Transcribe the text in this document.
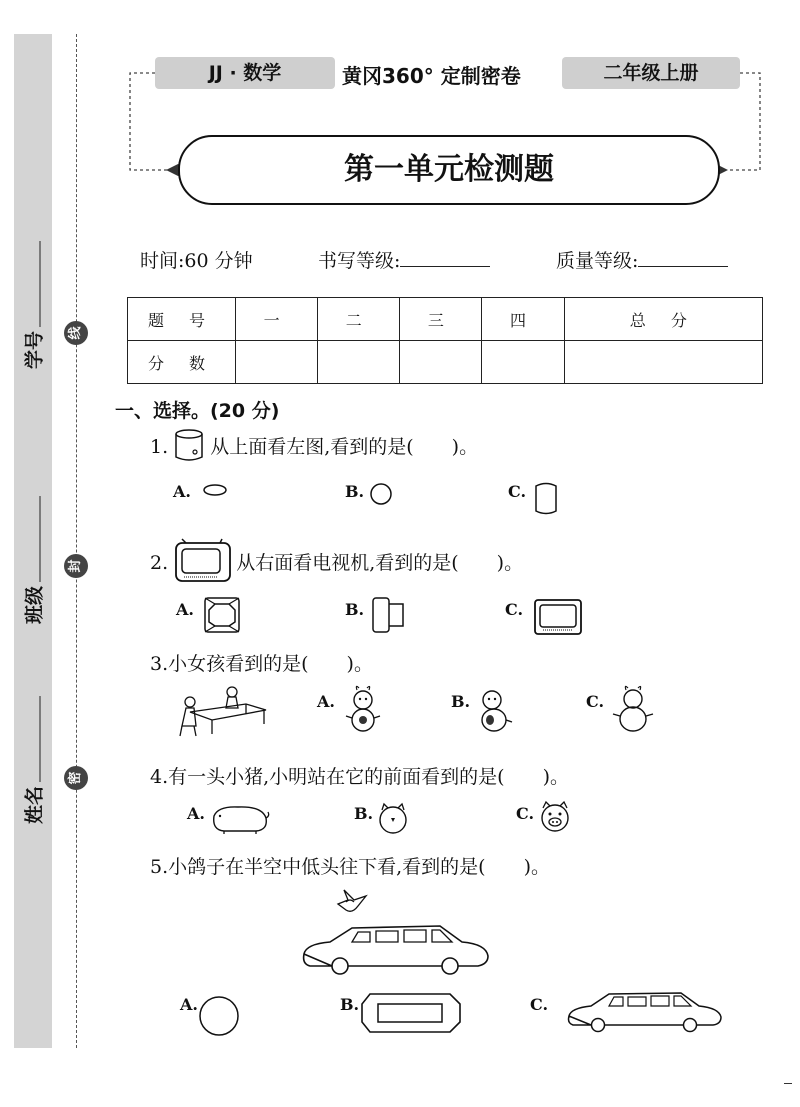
学号
班级
姓名
线
封
密
JJ · 数学	黄冈360° 定制密卷	二年级上册
第一单元检测题
时间:60 分钟	书写等级:	质量等级:
题 号	一	二	三	四	总 分
分 数					
一、选择。(20 分)
1. 从上面看左图,看到的是(　　)。
A.	B.	C.
2.	从右面看电视机,看到的是(　　)。
A.	B.	C.
3.小女孩看到的是(　　)。
A.	B.	C.
4.有一头小猪,小明站在它的前面看到的是(　　)。
A.	B.	C.
5.小鸽子在半空中低头往下看,看到的是(　　)。
A.	B.	C.
